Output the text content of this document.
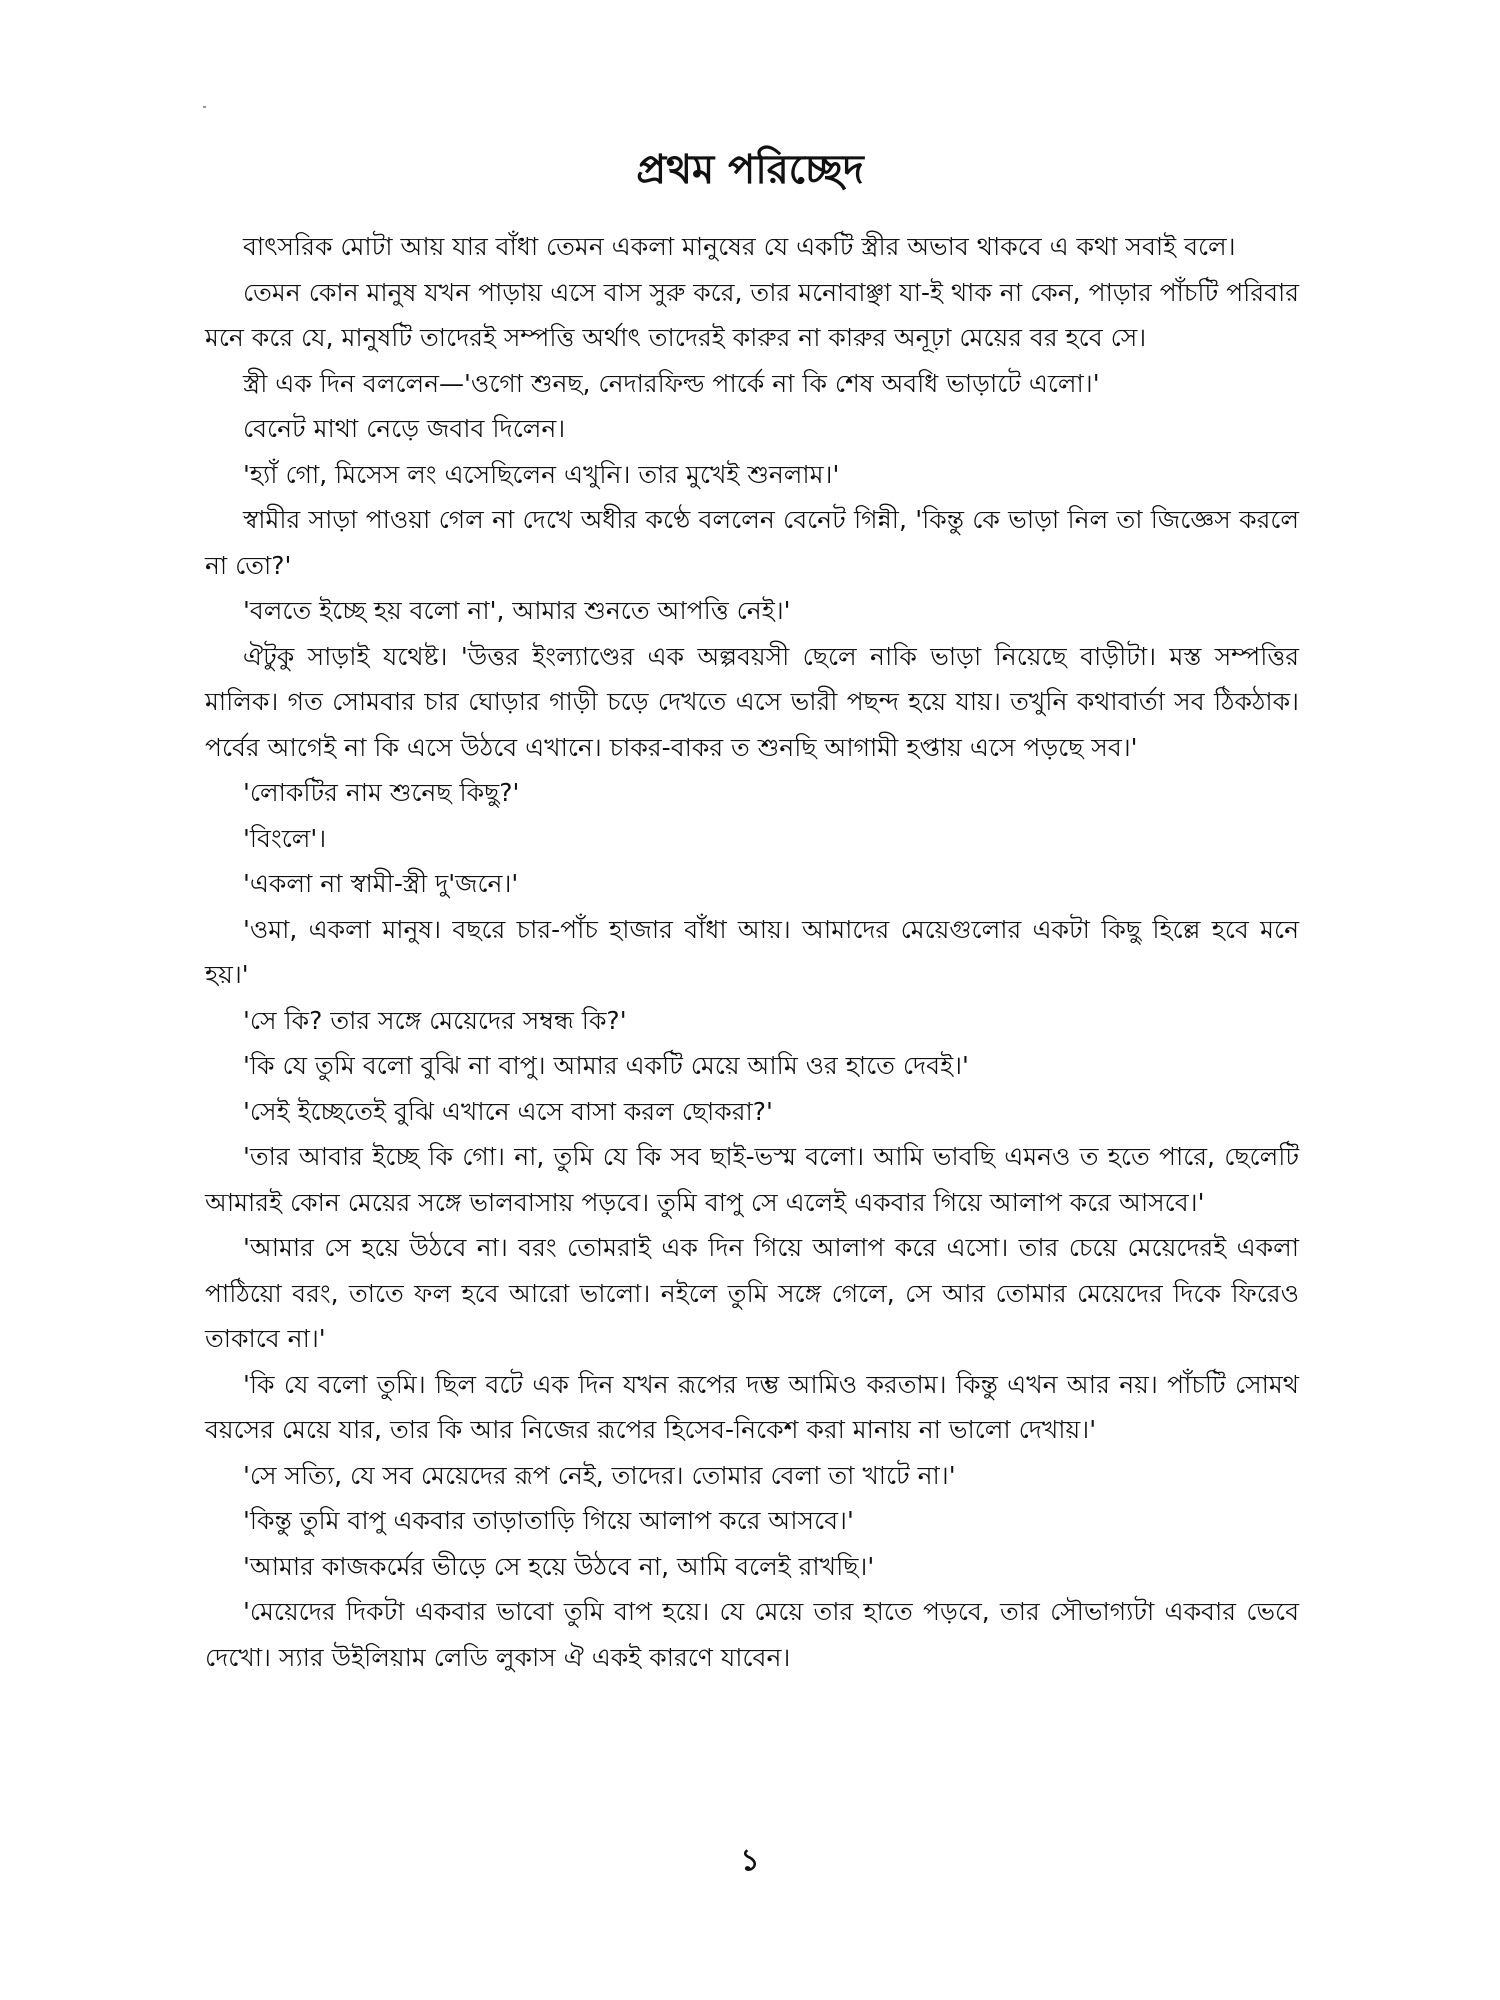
প্রথম পরিচ্ছেদ

বাৎসরিক মোটা আয় যার বাঁধা তেমন একলা মানুষের যে একটি স্ত্রীর অভাব থাকবে এ কথা সবাই বলে।

তেমন কোন মানুষ যখন পাড়ায় এসে বাস সুরু করে, তার মনোবাঞ্ছা যা-ই থাক না কেন, পাড়ার পাঁচটি পরিবার মনে করে যে, মানুষটি তাদেরই সম্পত্তি অর্থাৎ তাদেরই কারুর না কারুর অনূঢ়া মেয়ের বর হবে সে।

স্ত্রী এক দিন বললেন—'ওগো শুনছ, নেদারফিল্ড পার্কে না কি শেষ অবধি ভাড়াটে এলো।'

বেনেট মাথা নেড়ে জবাব দিলেন।

'হ্যাঁ গো, মিসেস লং এসেছিলেন এখুনি। তার মুখেই শুনলাম।'

স্বামীর সাড়া পাওয়া গেল না দেখে অধীর কণ্ঠে বললেন বেনেট গিন্নী, 'কিন্তু কে ভাড়া নিল তা জিজ্ঞেস করলে না তো?'

'বলতে ইচ্ছে হয় বলো না', আমার শুনতে আপত্তি নেই।'

ঐটুকু সাড়াই যথেষ্ট। 'উত্তর ইংল্যাণ্ডের এক অল্পবয়সী ছেলে নাকি ভাড়া নিয়েছে বাড়ীটা। মস্ত সম্পত্তির মালিক। গত সোমবার চার ঘোড়ার গাড়ী চড়ে দেখতে এসে ভারী পছন্দ হয়ে যায়। তখুনি কথাবার্তা সব ঠিকঠাক। পর্বের আগেই না কি এসে উঠবে এখানে। চাকর-বাকর ত শুনছি আগামী হপ্তায় এসে পড়ছে সব।'

'লোকটির নাম শুনেছ কিছু?'

'বিংলে'।

'একলা না স্বামী-স্ত্রী দু'জনে।'

'ওমা, একলা মানুষ। বছরে চার-পাঁচ হাজার বাঁধা আয়। আমাদের মেয়েগুলোর একটা কিছু হিল্লে হবে মনে হয়।'

'সে কি? তার সঙ্গে মেয়েদের সম্বন্ধ কি?'

'কি যে তুমি বলো বুঝি না বাপু। আমার একটি মেয়ে আমি ওর হাতে দেবই।'

'সেই ইচ্ছেতেই বুঝি এখানে এসে বাসা করল ছোকরা?'

'তার আবার ইচ্ছে কি গো। না, তুমি যে কি সব ছাই-ভস্ম বলো। আমি ভাবছি এমনও ত হতে পারে, ছেলেটি আমারই কোন মেয়ের সঙ্গে ভালবাসায় পড়বে। তুমি বাপু সে এলেই একবার গিয়ে আলাপ করে আসবে।'

'আমার সে হয়ে উঠবে না। বরং তোমরাই এক দিন গিয়ে আলাপ করে এসো। তার চেয়ে মেয়েদেরই একলা পাঠিয়ো বরং, তাতে ফল হবে আরো ভালো। নইলে তুমি সঙ্গে গেলে, সে আর তোমার মেয়েদের দিকে ফিরেও তাকাবে না।'

'কি যে বলো তুমি। ছিল বটে এক দিন যখন রূপের দম্ভ আমিও করতাম। কিন্তু এখন আর নয়। পাঁচটি সোমথ বয়সের মেয়ে যার, তার কি আর নিজের রূপের হিসেব-নিকেশ করা মানায় না ভালো দেখায়।'

'সে সত্যি, যে সব মেয়েদের রূপ নেই, তাদের। তোমার বেলা তা খাটে না।'

'কিন্তু তুমি বাপু একবার তাড়াতাড়ি গিয়ে আলাপ করে আসবে।'

'আমার কাজকর্মের ভীড়ে সে হয়ে উঠবে না, আমি বলেই রাখছি।'

'মেয়েদের দিকটা একবার ভাবো তুমি বাপ হয়ে। যে মেয়ে তার হাতে পড়বে, তার সৌভাগ্যটা একবার ভেবে দেখো। স্যার উইলিয়াম লেডি লুকাস ঐ একই কারণে যাবেন।

১
